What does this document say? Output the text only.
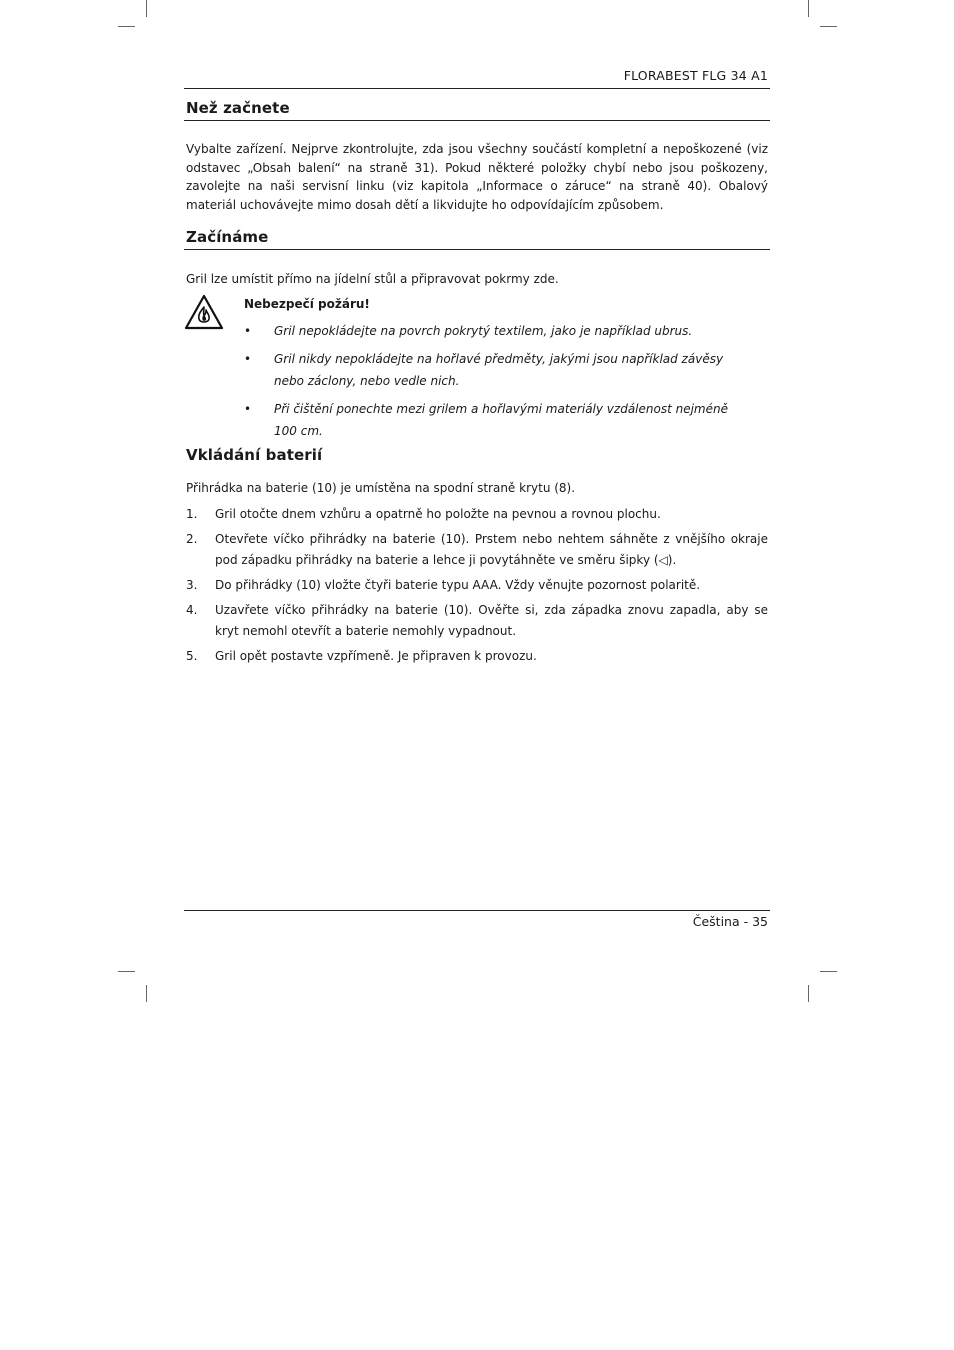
FLORABEST FLG 34 A1
Než začnete

Vybalte zařízení. Nejprve zkontrolujte, zda jsou všechny součástí kompletní a nepoškozené (viz odstavec „Obsah balení“ na straně 31). Pokud některé položky chybí nebo jsou poškozeny, zavolejte na naši servisní linku (viz kapitola „Informace o záruce“ na straně 40). Obalový materiál uchovávejte mimo dosah dětí a likvidujte ho odpovídajícím způsobem.

Začínáme

Gril lze umístit přímo na jídelní stůl a připravovat pokrmy zde.

Nebezpečí požáru!
• Gril nepokládejte na povrch pokrytý textilem, jako je například ubrus.
• Gril nikdy nepokládejte na hořlavé předměty, jakými jsou například závěsy nebo záclony, nebo vedle nich.
• Při čištění ponechte mezi grilem a hořlavými materiály vzdálenost nejméně 100 cm.
Vkládání baterií

Přihrádka na baterie (10) je umístěna na spodní straně krytu (8).

1. Gril otočte dnem vzhůru a opatrně ho položte na pevnou a rovnou plochu.
2. Otevřete víčko přihrádky na baterie (10). Prstem nebo nehtem sáhněte z vnějšího okraje pod západku přihrádky na baterie a lehce ji povytáhněte ve směru šipky (◁).
3. Do přihrádky (10) vložte čtyři baterie typu AAA. Vždy věnujte pozornost polaritě.
4. Uzavřete víčko přihrádky na baterie (10). Ověřte si, zda západka znovu zapadla, aby se kryt nemohl otevřít a baterie nemohly vypadnout.
5. Gril opět postavte vzpřímeně. Je připraven k provozu.
Čeština - 35
